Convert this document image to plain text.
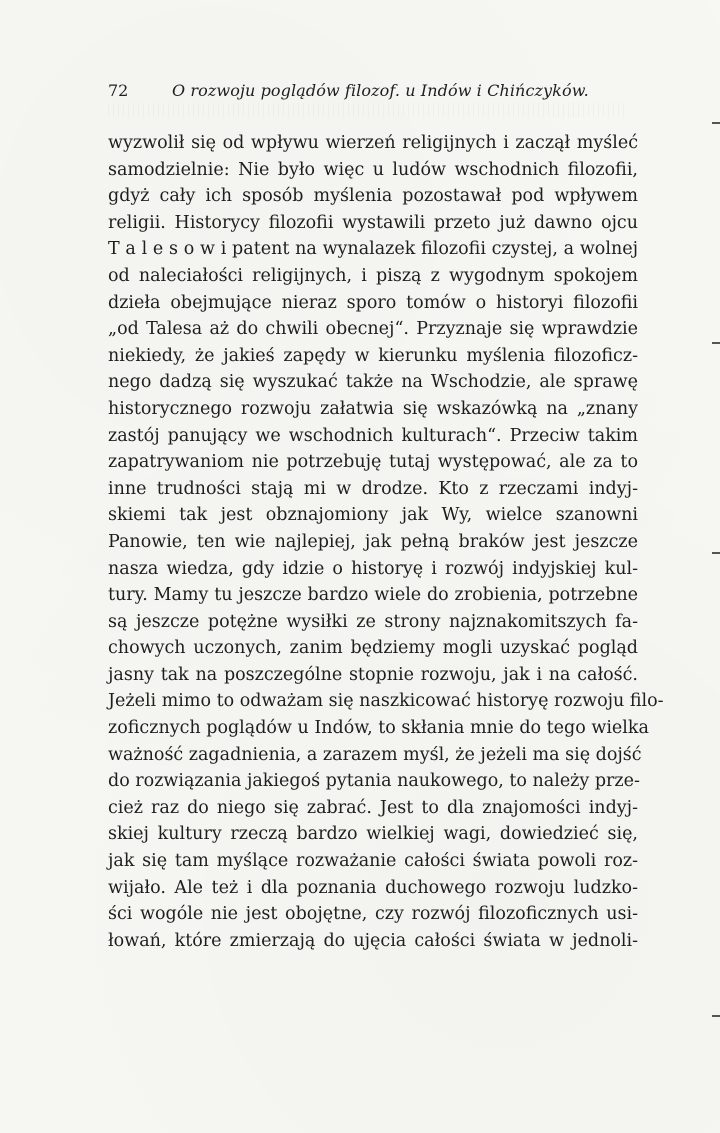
72	O rozwoju poglądów filozof. u Indów i Chińczyków.
wyzwolił się od wpływu wierzeń religijnych i zaczął myśleć
samodzielnie: Nie było więc u ludów wschodnich filozofii,
gdyż cały ich sposób myślenia pozostawał pod wpływem
religii. Historycy filozofii wystawili przeto już dawno ojcu
T a l e s o w i patent na wynalazek filozofii czystej, a wolnej
od naleciałości religijnych, i piszą z wygodnym spokojem
dzieła obejmujące nieraz sporo tomów o historyi filozofii
„od Talesa aż do chwili obecnej“. Przyznaje się wprawdzie
niekiedy, że jakieś zapędy w kierunku myślenia filozoficz-
nego dadzą się wyszukać także na Wschodzie, ale sprawę
historycznego rozwoju załatwia się wskazówką na „znany
zastój panujący we wschodnich kulturach“. Przeciw takim
zapatrywaniom nie potrzebuję tutaj występować, ale za to
inne trudności stają mi w drodze. Kto z rzeczami indyj-
skiemi tak jest obznajomiony jak Wy, wielce szanowni
Panowie, ten wie najlepiej, jak pełną braków jest jeszcze
nasza wiedza, gdy idzie o historyę i rozwój indyjskiej kul-
tury. Mamy tu jeszcze bardzo wiele do zrobienia, potrzebne
są jeszcze potężne wysiłki ze strony najznakomitszych fa-
chowych uczonych, zanim będziemy mogli uzyskać pogląd
jasny tak na poszczególne stopnie rozwoju, jak i na całość.
Jeżeli mimo to odważam się naszkicować historyę rozwoju filo-
zoficznych poglądów u Indów, to skłania mnie do tego wielka
ważność zagadnienia, a zarazem myśl, że jeżeli ma się dojść
do rozwiązania jakiegoś pytania naukowego, to należy prze-
cież raz do niego się zabrać. Jest to dla znajomości indyj-
skiej kultury rzeczą bardzo wielkiej wagi, dowiedzieć się,
jak się tam myślące rozważanie całości świata powoli roz-
wijało. Ale też i dla poznania duchowego rozwoju ludzko-
ści wogóle nie jest obojętne, czy rozwój filozoficznych usi-
łowań, które zmierzają do ujęcia całości świata w jednoli-
